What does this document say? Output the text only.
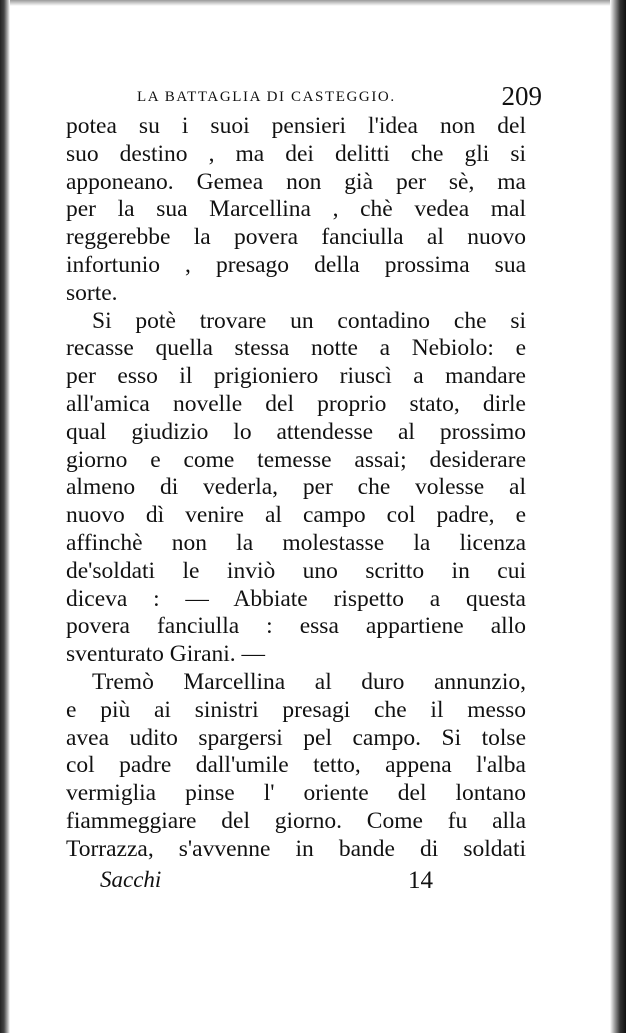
LA BATTAGLIA DI CASTEGGIO.	209
potea su i suoi pensieri l'idea non del
suo destino , ma dei delitti che gli si
apponeano. Gemea non già per sè, ma
per la sua Marcellina , chè vedea mal
reggerebbe la povera fanciulla al nuovo
infortunio , presago della prossima sua
sorte.
Si potè trovare un contadino che si
recasse quella stessa notte a Nebiolo: e
per esso il prigioniero riuscì a mandare
all'amica novelle del proprio stato, dirle
qual giudizio lo attendesse al prossimo
giorno e come temesse assai; desiderare
almeno di vederla, per che volesse al
nuovo dì venire al campo col padre, e
affinchè non la molestasse la licenza
de'soldati le inviò uno scritto in cui
diceva : — Abbiate rispetto a questa
povera fanciulla : essa appartiene allo
sventurato Girani. —
Tremò Marcellina al duro annunzio,
e più ai sinistri presagi che il messo
avea udito spargersi pel campo. Si tolse
col padre dall'umile tetto, appena l'alba
vermiglia pinse l' oriente del lontano
fiammeggiare del giorno. Come fu alla
Torrazza, s'avvenne in bande di soldati
Sacchi	14
